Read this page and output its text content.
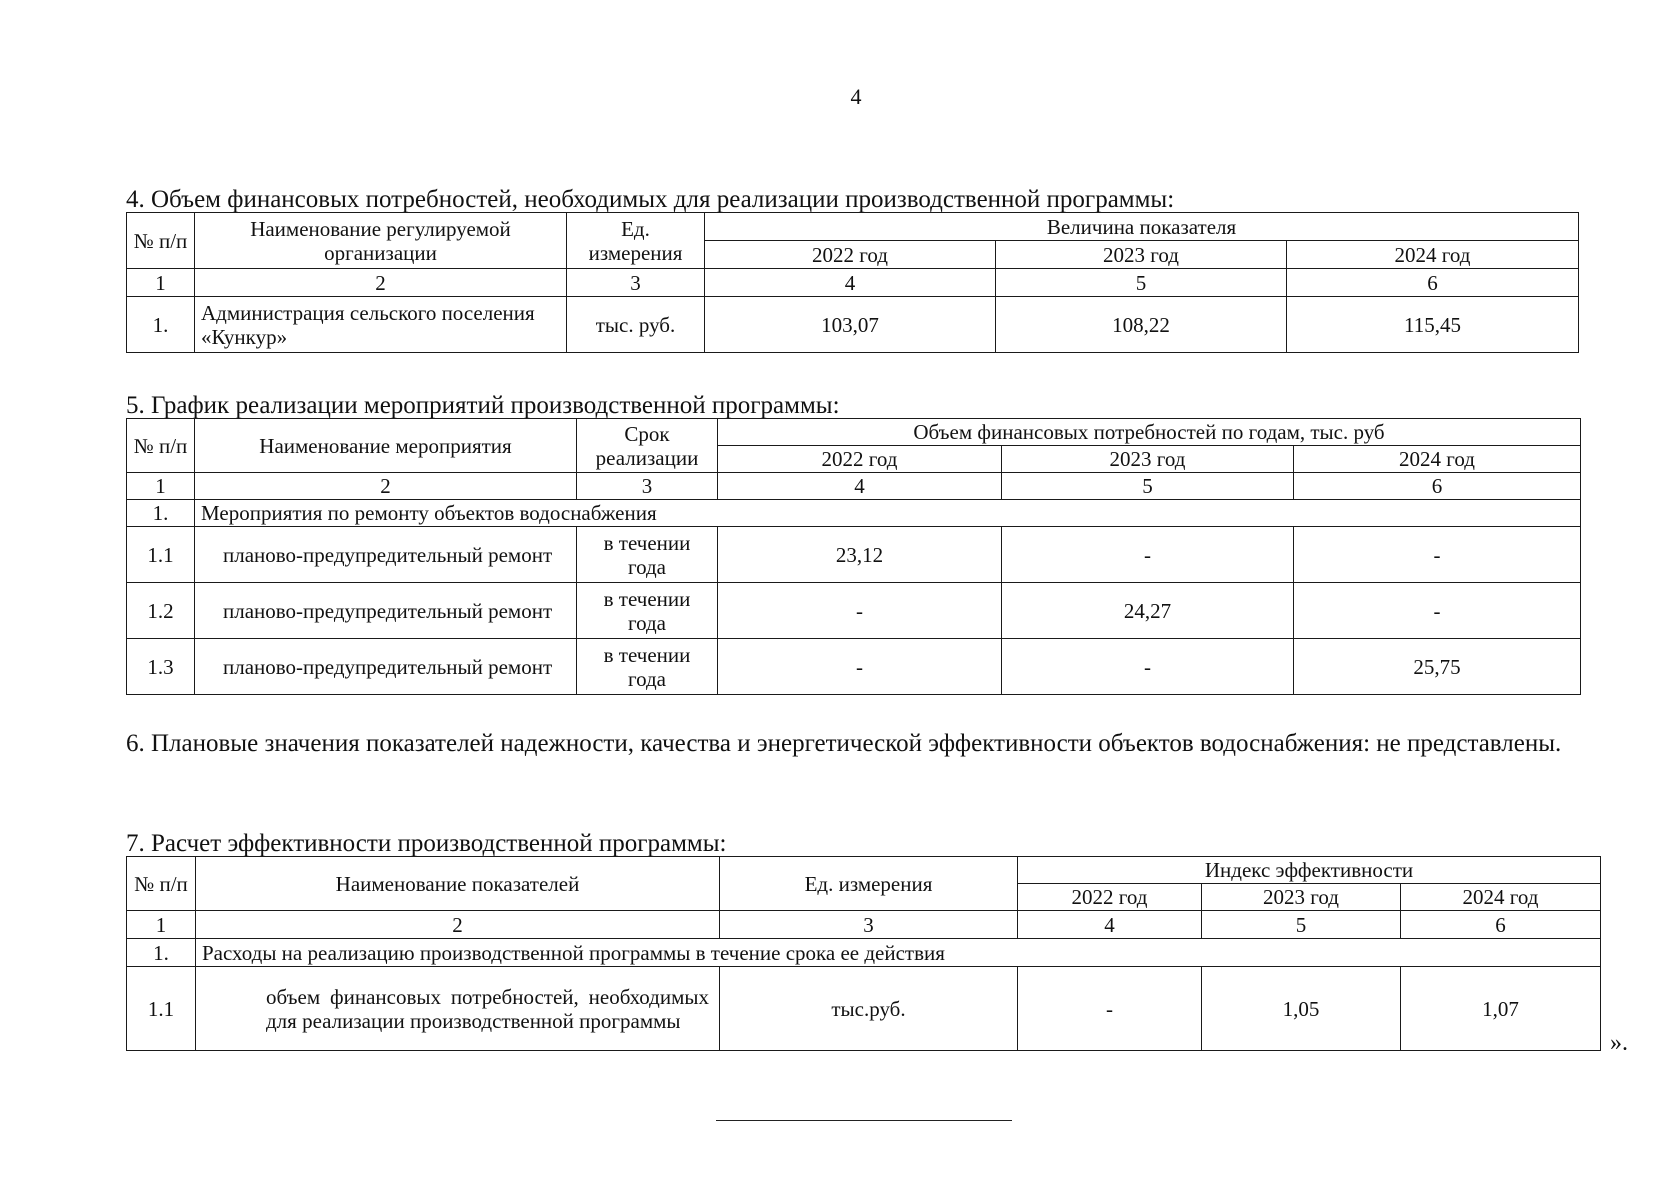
4
4. Объем финансовых потребностей, необходимых для реализации производственной программы:
№ п/п	Наименование регулируемой организации	Ед. измерения	Величина показателя		
			2022 год	2023 год	2024 год
1	2	3	4	5	6
1.	Администрация сельского поселения «Кункур»	тыс. руб.	103,07	108,22	115,45
5. График реализации мероприятий производственной программы:
№ п/п	Наименование мероприятия	Срок реализации	Объем финансовых потребностей по годам, тыс. руб		
			2022 год	2023 год	2024 год
1	2	3	4	5	6
1.	Мероприятия по ремонту объектов водоснабжения				
1.1	планово-предупредительный ремонт	в течении года	23,12	-	-
1.2	планово-предупредительный ремонт	в течении года	-	24,27	-
1.3	планово-предупредительный ремонт	в течении года	-	-	25,75
6. Плановые значения показателей надежности, качества и энергетической эффективности объектов водоснабжения: не представлены.
7. Расчет эффективности производственной программы:
№ п/п	Наименование показателей	Ед. измерения	Индекс эффективности		
			2022 год	2023 год	2024 год
1	2	3	4	5	6
1.	Расходы на реализацию производственной программы в течение срока ее действия				
1.1	объем финансовых потребностей, необходимых для реализации производственной программы	тыс.руб.	-	1,05	1,07
».
